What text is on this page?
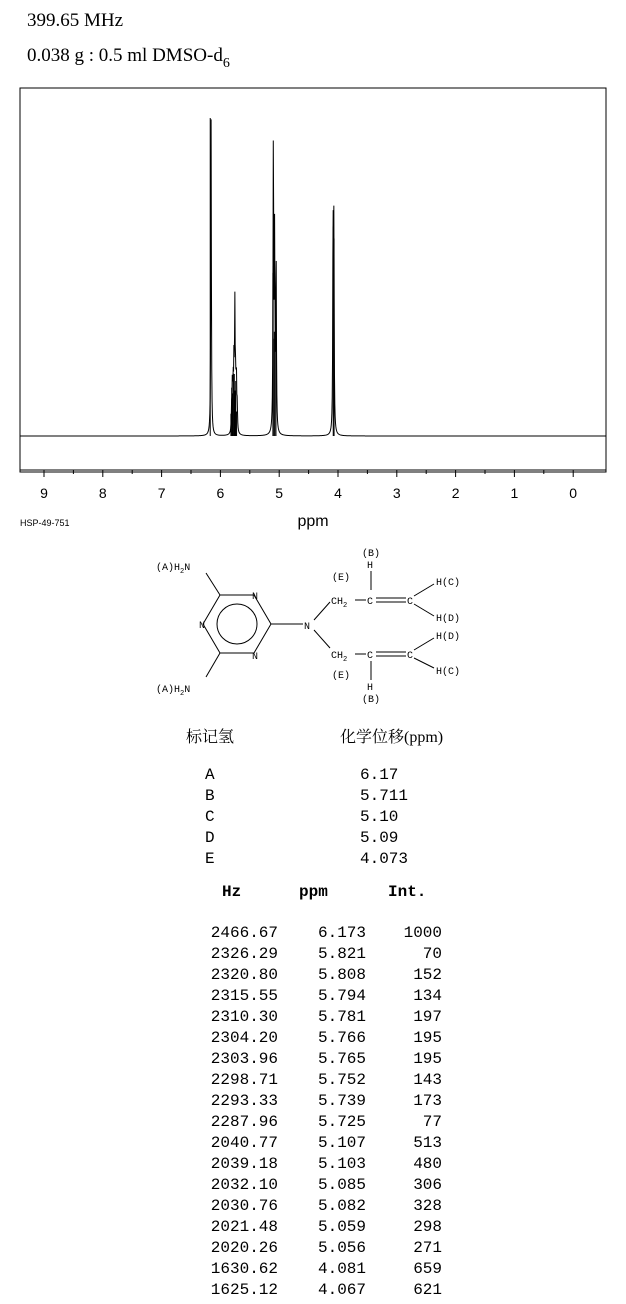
399.65 MHz
0.038 g : 0.5 ml DMSO-$d_6$
9	8	7	6	5	4	3	2	1	0
ppm
HSP-49-751
N
N
N
$(A)H_2N$
$(A)H_2N$
N
(E)
$CH_2$ C
H
(B)
C
H(C)
H(D)
$CH_2$
(E)
C
H
(B)
C
H(D)
H(C)
标记氢	化学位移(ppm)
A	6.17
B	5.711
C	5.10
D	5.09
E	4.073
Hz	ppm	Int.
2466.67 6.173 1000
2326.29 5.821	70
2320.80 5.808	152
2315.55 5.794	134
2310.30 5.781	197
2304.20 5.766	195
2303.96 5.765	195
2298.71 5.752	143
2293.33 5.739	173
2287.96 5.725	77
2040.77 5.107	513
2039.18 5.103	480
2032.10 5.085	306
2030.76 5.082	328
2021.48 5.059	298
2020.26 5.056	271
1630.62 4.081	659
1625.12 4.067	621
